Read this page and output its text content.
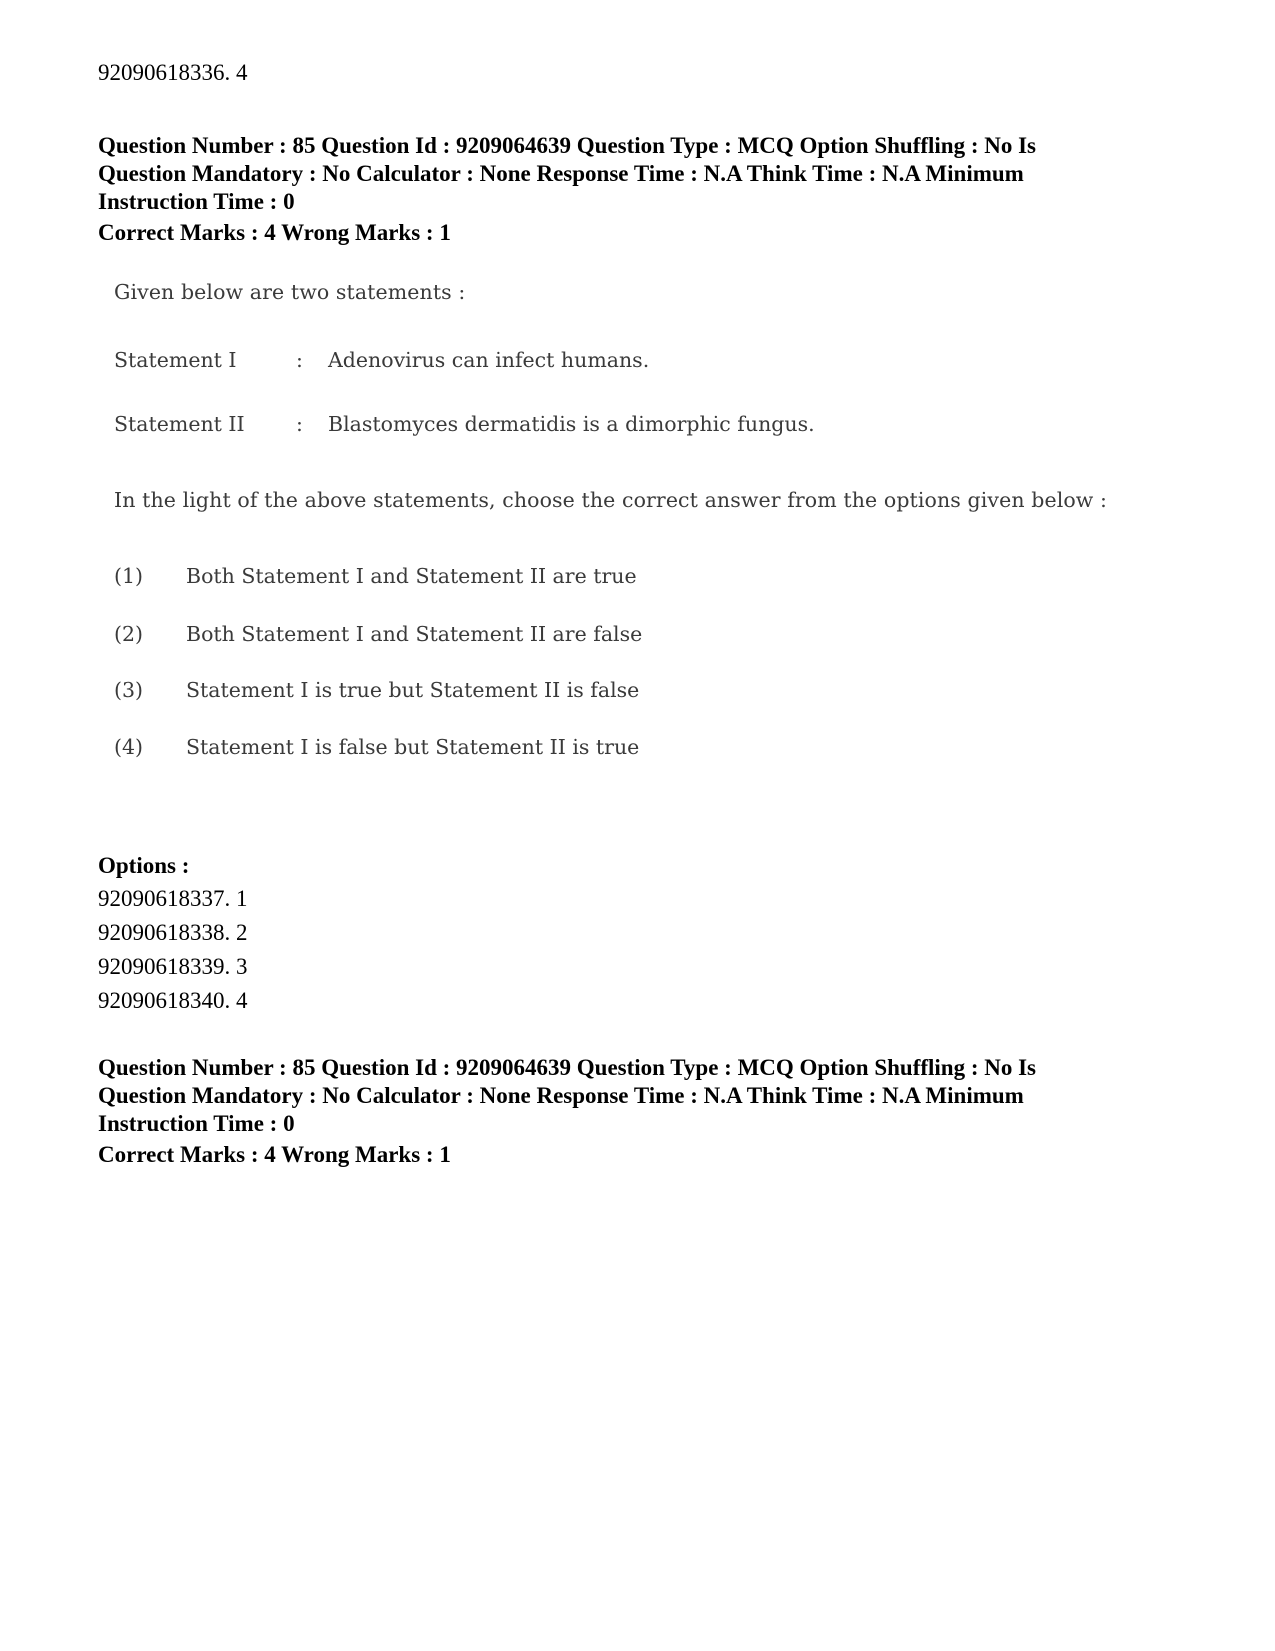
92090618336. 4
Question Number : 85 Question Id : 9209064639 Question Type : MCQ Option Shuffling : No Is
Question Mandatory : No Calculator : None Response Time : N.A Think Time : N.A Minimum
Instruction Time : 0
Correct Marks : 4 Wrong Marks : 1
Given below are two statements :
Statement I	: Adenovirus can infect humans.
Statement II	: Blastomyces dermatidis is a dimorphic fungus.
In the light of the above statements, choose the correct answer from the options given below :
(1) Both Statement I and Statement II are true
(2) Both Statement I and Statement II are false
(3) Statement I is true but Statement II is false
(4) Statement I is false but Statement II is true
Options :
92090618337. 1
92090618338. 2
92090618339. 3
92090618340. 4
Question Number : 85 Question Id : 9209064639 Question Type : MCQ Option Shuffling : No Is
Question Mandatory : No Calculator : None Response Time : N.A Think Time : N.A Minimum
Instruction Time : 0
Correct Marks : 4 Wrong Marks : 1
